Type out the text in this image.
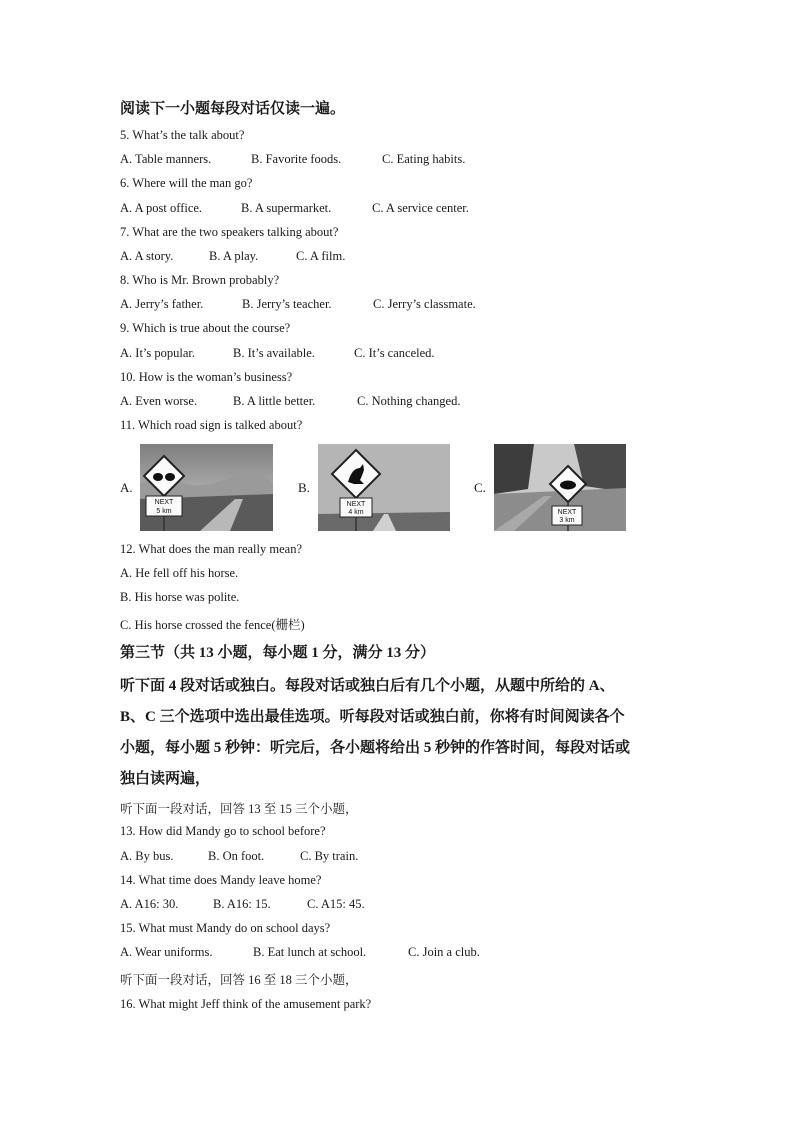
阅读下一小题每段对话仅读一遍。
5. What’s the talk about?
A. Table manners.	B. Favorite foods.	C. Eating habits.
6. Where will the man go?
A. A post office.	B. A supermarket.	C. A service center.
7. What are the two speakers talking about?
A. A story.	B. A play.	C. A film.
8. Who is Mr. Brown probably?
A. Jerry’s father.	B. Jerry’s teacher.	C. Jerry’s classmate.
9. Which is true about the course?
A. It’s popular.	B. It’s available.	C. It’s canceled.
10. How is the woman’s business?
A. Even worse.	B. A little better.	C. Nothing changed.
11. Which road sign is talked about?
A.
NEXT
5 km
B.
NEXT
4 km
C.
NEXT
3 km
12. What does the man really mean?
A. He fell off his horse.
B. His horse was polite.
C. His horse crossed the fence(栅栏)
第三节（共 13 小题，每小题 1 分，满分 13 分）
听下面 4 段对话或独白。每段对话或独白后有几个小题，从题中所给的 A、
B、C 三个选项中选出最佳选项。听每段对话或独白前，你将有时间阅读各个
小题，每小题 5 秒钟：听完后，各小题将给出 5 秒钟的作答时间，每段对话或
独白读两遍，
听下面一段对话，回答 13 至 15 三个小题，
13. How did Mandy go to school before?
A. By bus.	B. On foot.	C. By train.
14. What time does Mandy leave home?
A. A16: 30.	B. A16: 15.	C. A15: 45.
15. What must Mandy do on school days?
A. Wear uniforms.	B. Eat lunch at school.	C. Join a club.
听下面一段对话，回答 16 至 18 三个小题，
16. What might Jeff think of the amusement park?
